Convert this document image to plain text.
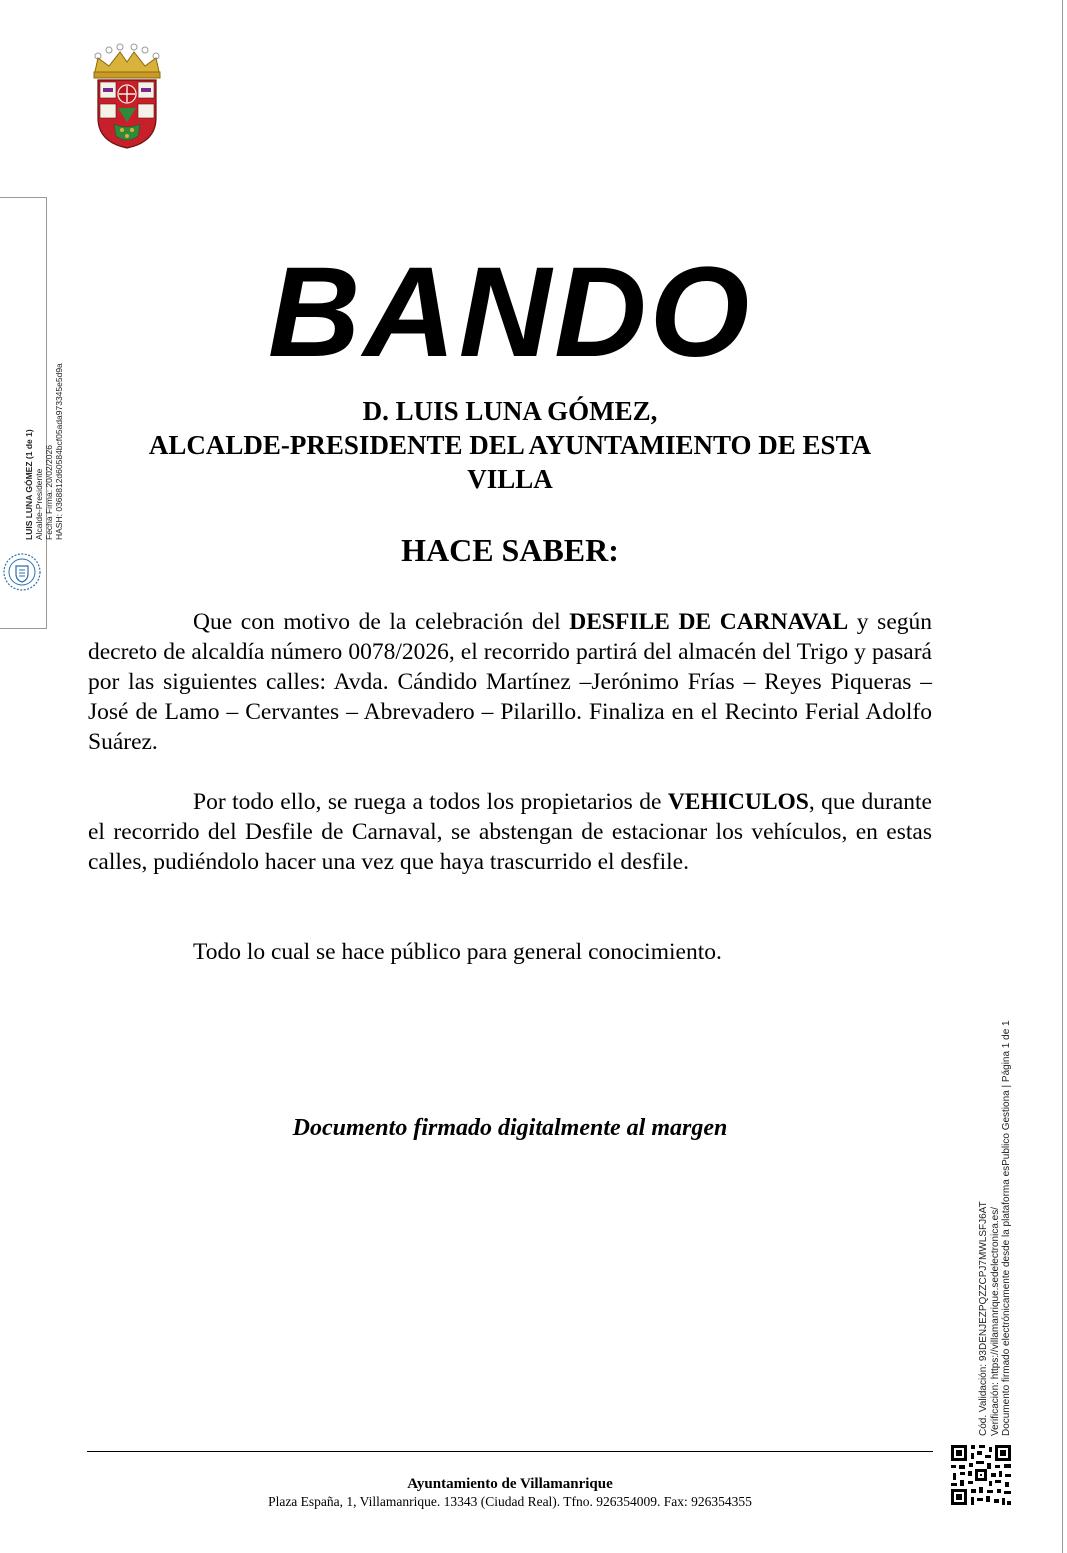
LUIS LUNA GÓMEZ (1 de 1) Alcalde-Presidente Fecha Firma: 20/02/2026 HASH: 0368812d60584bcf05ada973345e5d9a
BANDO
D. LUIS LUNA GÓMEZ,
ALCALDE-PRESIDENTE DEL AYUNTAMIENTO DE ESTA
VILLA
HACE SABER:

Que con motivo de la celebración del DESFILE DE CARNAVAL y según decreto de alcaldía número 0078/2026, el recorrido partirá del almacén del Trigo y pasará por las siguientes calles: Avda. Cándido Martínez –Jerónimo Frías – Reyes Piqueras – José de Lamo – Cervantes – Abrevadero – Pilarillo. Finaliza en el Recinto Ferial Adolfo Suárez.

Por todo ello, se ruega a todos los propietarios de VEHICULOS, que durante el recorrido del Desfile de Carnaval, se abstengan de estacionar los vehículos, en estas calles, pudiéndolo hacer una vez que haya trascurrido el desfile.

Todo lo cual se hace público para general conocimiento.

Documento firmado digitalmente al margen
Cód. Validación: 93DENJEZPQZZCPJ7MWLSFJ6AT Verificación: https://villamanrique.sedelectronica.es/ Documento firmado electrónicamente desde la plataforma esPublico Gestiona | Página 1 de 1
Ayuntamiento de Villamanrique
Plaza España, 1, Villamanrique. 13343 (Ciudad Real). Tfno. 926354009. Fax: 926354355
